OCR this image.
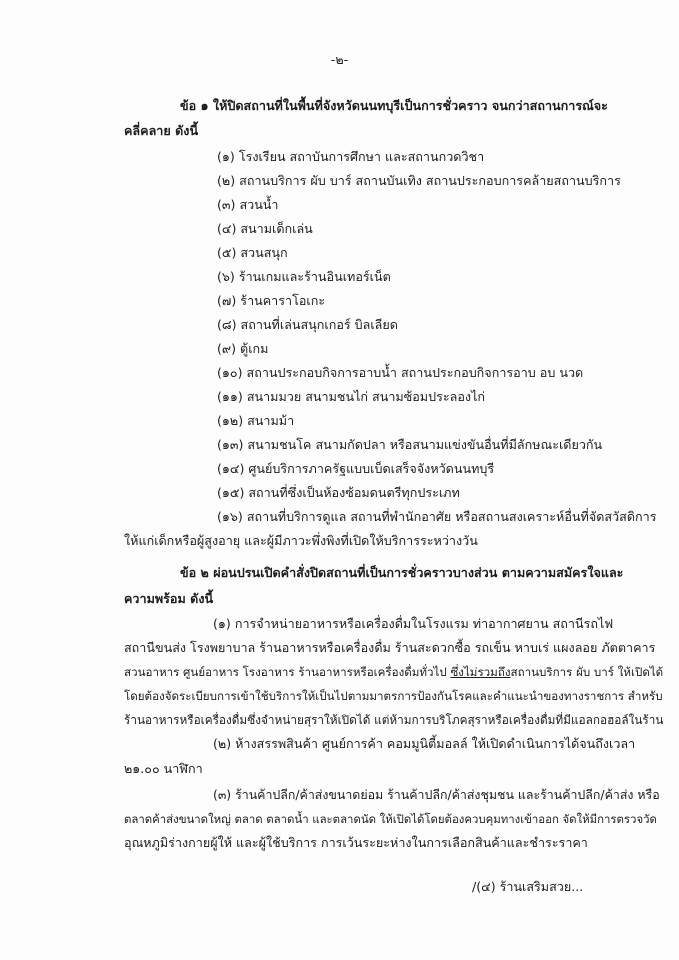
-๒-
ข้อ ๑ ให้ปิดสถานที่ในพื้นที่จังหวัดนนทบุรีเป็นการชั่วคราว จนกว่าสถานการณ์จะ
คลี่คลาย ดังนี้
(๑) โรงเรียน สถาบันการศึกษา และสถานกวดวิชา
(๒) สถานบริการ ผับ บาร์ สถานบันเทิง สถานประกอบการคล้ายสถานบริการ
(๓) สวนน้ำ
(๔) สนามเด็กเล่น
(๕) สวนสนุก
(๖) ร้านเกมและร้านอินเทอร์เน็ต
(๗) ร้านคาราโอเกะ
(๘) สถานที่เล่นสนุกเกอร์ บิลเลียด
(๙) ตู้เกม
(๑๐) สถานประกอบกิจการอาบน้ำ สถานประกอบกิจการอาบ อบ นวด
(๑๑) สนามมวย สนามชนไก่ สนามซ้อมประลองไก่
(๑๒) สนามม้า
(๑๓) สนามชนโค สนามกัดปลา หรือสนามแข่งขันอื่นที่มีลักษณะเดียวกัน
(๑๔) ศูนย์บริการภาครัฐแบบเบ็ดเสร็จจังหวัดนนทบุรี
(๑๕) สถานที่ซึ่งเป็นห้องซ้อมดนตรีทุกประเภท
(๑๖) สถานที่บริการดูแล สถานที่พำนักอาศัย หรือสถานสงเคราะห์อื่นที่จัดสวัสดิการ
ให้แก่เด็กหรือผู้สูงอายุ และผู้มีภาวะพึ่งพิงที่เปิดให้บริการระหว่างวัน
ข้อ ๒ ผ่อนปรนเปิดคำสั่งปิดสถานที่เป็นการชั่วคราวบางส่วน ตามความสมัครใจและ
ความพร้อม ดังนี้
(๑) การจำหน่ายอาหารหรือเครื่องดื่มในโรงแรม ท่าอากาศยาน สถานีรถไฟ
สถานีขนส่ง โรงพยาบาล ร้านอาหารหรือเครื่องดื่ม ร้านสะดวกซื้อ รถเข็น หาบเร่ แผงลอย ภัตตาคาร
สวนอาหาร ศูนย์อาหาร โรงอาหาร ร้านอาหารหรือเครื่องดื่มทั่วไป ซึ่งไม่รวมถึงสถานบริการ ผับ บาร์ ให้เปิดได้
โดยต้องจัดระเบียบการเข้าใช้บริการให้เป็นไปตามมาตรการป้องกันโรคและคำแนะนำของทางราชการ สำหรับ
ร้านอาหารหรือเครื่องดื่มซึ่งจำหน่ายสุราให้เปิดได้ แต่ห้ามการบริโภคสุราหรือเครื่องดื่มที่มีแอลกอฮอล์ในร้าน
(๒) ห้างสรรพสินค้า ศูนย์การค้า คอมมูนิตี้มอลล์ ให้เปิดดำเนินการได้จนถึงเวลา
๒๑.๐๐ นาฬิกา
(๓) ร้านค้าปลีก/ค้าส่งขนาดย่อม ร้านค้าปลีก/ค้าส่งชุมชน และร้านค้าปลีก/ค้าส่ง หรือ
ตลาดค้าส่งขนาดใหญ่ ตลาด ตลาดน้ำ และตลาดนัด ให้เปิดได้โดยต้องควบคุมทางเข้าออก จัดให้มีการตรวจวัด
อุณหภูมิร่างกายผู้ให้ และผู้ใช้บริการ การเว้นระยะห่างในการเลือกสินค้าและชำระราคา
/(๔) ร้านเสริมสวย...
